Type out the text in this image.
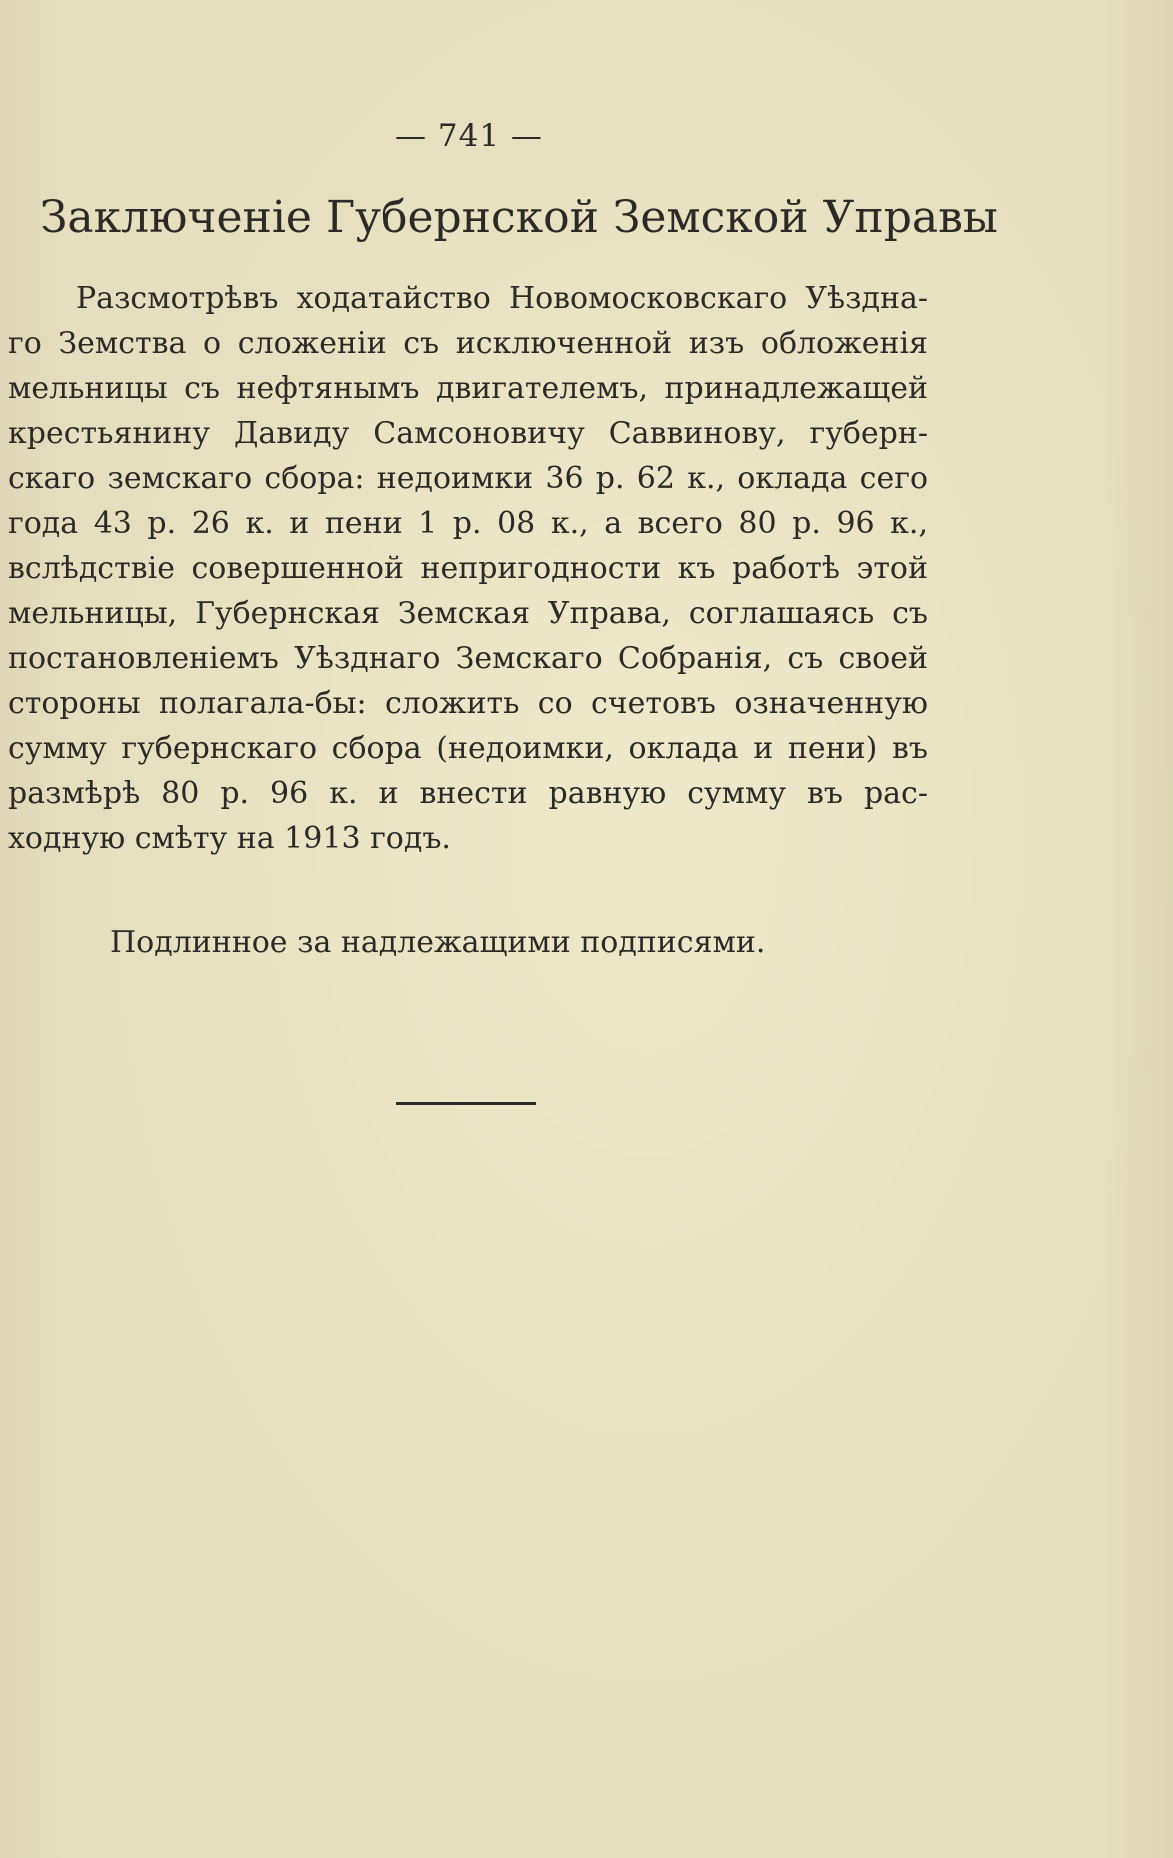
— 741 —
Заключенiе Губернской Земской Управы
Разсмотрѣвъ ходатайство Новомосковскаго Уѣздна-
го Земства о сложенiи съ исключенной изъ обложенiя
мельницы съ нефтянымъ двигателемъ, принадлежащей
крестьянину Давиду Самсоновичу Саввинову, губерн-
скаго земскаго сбора: недоимки 36 р. 62 к., оклада сего
года 43 р. 26 к. и пени 1 р. 08 к., а всего 80 р. 96 к.,
вслѣдствiе совершенной непригодности къ работѣ этой
мельницы, Губернская Земская Управа, соглашаясь съ
постановленiемъ Уѣзднаго Земскаго Собранiя, съ своей
стороны полагала-бы: сложить со счетовъ означенную
сумму губернскаго сбора (недоимки, оклада и пени) въ
размѣрѣ 80 р. 96 к. и внести равную сумму въ рас-
ходную смѣту на 1913 годъ.
Подлинное за надлежащими подписями.
